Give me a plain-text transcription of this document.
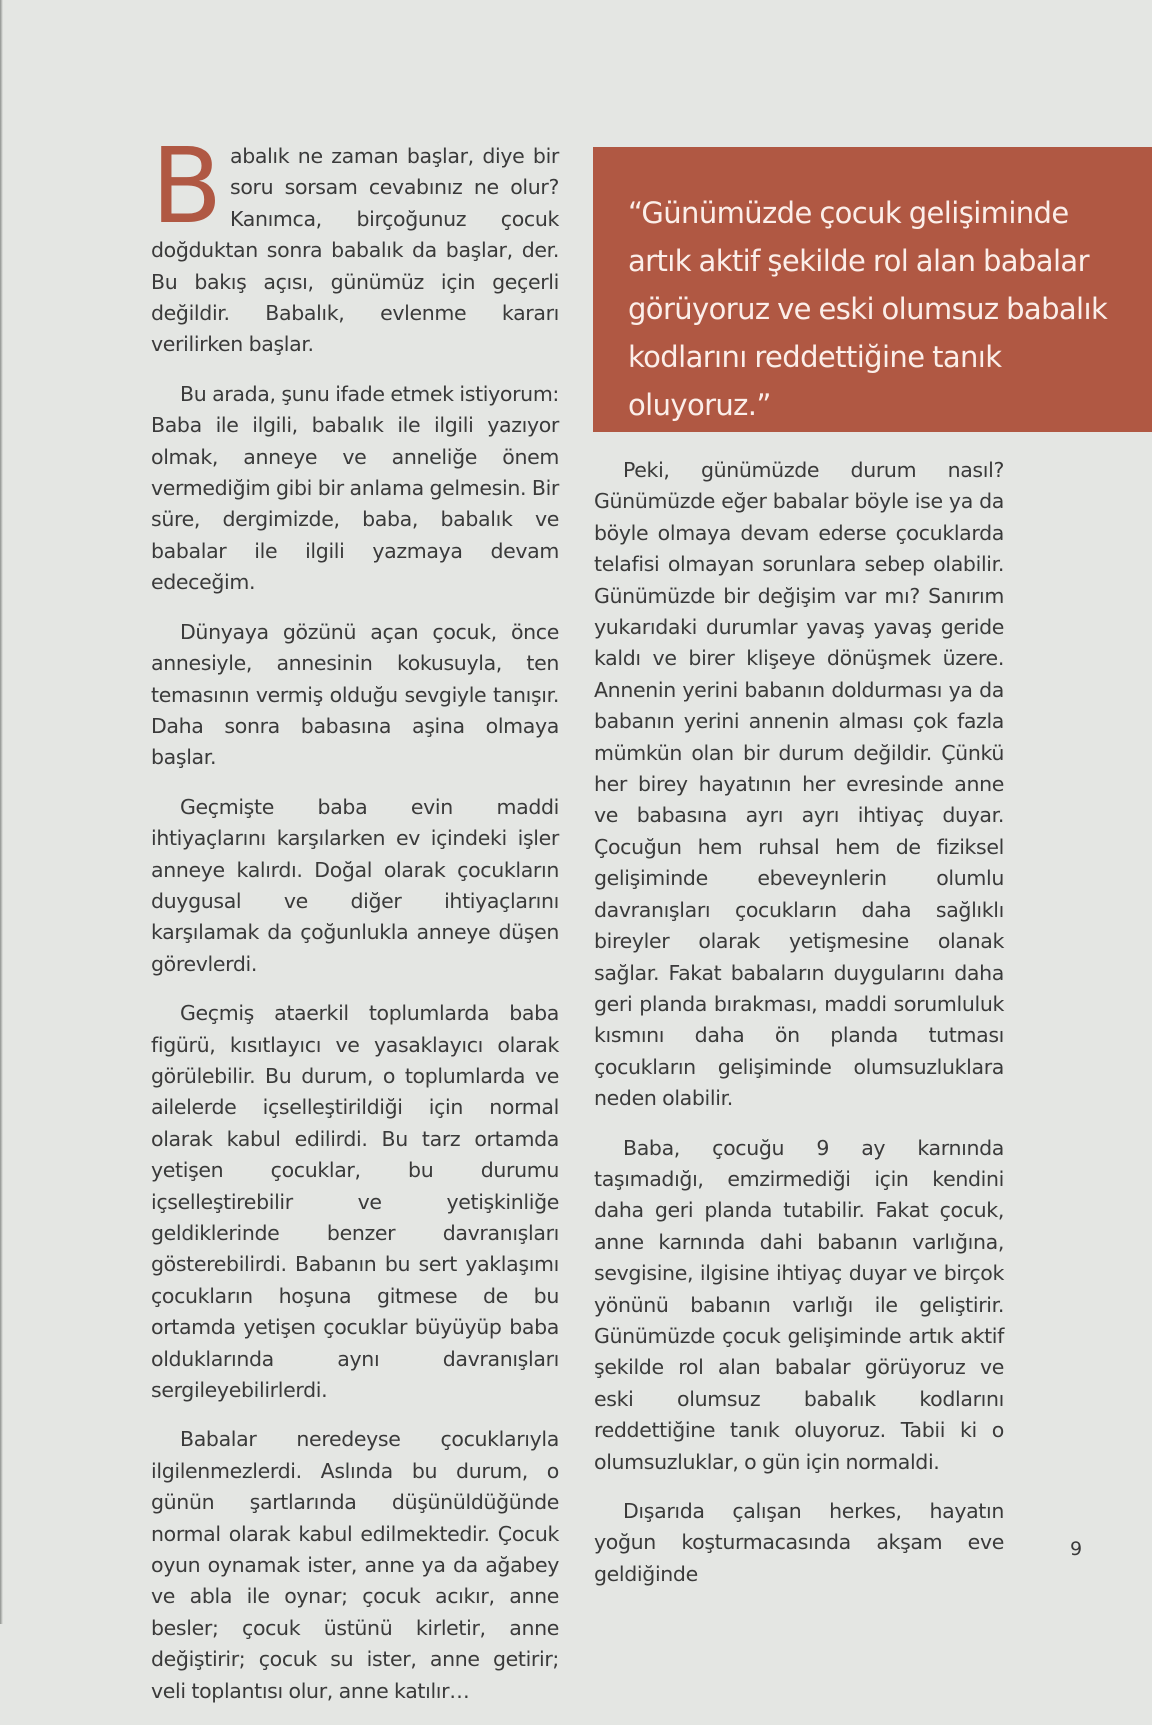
Babalık ne zaman başlar, diye bir soru sorsam cevabınız ne olur? Kanımca, birçoğunuz çocuk doğduktan sonra babalık da başlar, der. Bu bakış açısı, günümüz için geçerli değildir. Babalık, evlenme kararı verilirken başlar.

Bu arada, şunu ifade etmek istiyorum: Baba ile ilgili, babalık ile ilgili yazıyor olmak, anneye ve anneliğe önem vermediğim gibi bir anlama gelmesin. Bir süre, dergimizde, baba, babalık ve babalar ile ilgili yazmaya devam edeceğim.

Dünyaya gözünü açan çocuk, önce annesiyle, annesinin kokusuyla, ten temasının vermiş olduğu sevgiyle tanışır. Daha sonra babasına aşina olmaya başlar.

Geçmişte baba evin maddi ihtiyaçlarını karşılarken ev içindeki işler anneye kalırdı. Doğal olarak çocukların duygusal ve diğer ihtiyaçlarını karşılamak da çoğunlukla anneye düşen görevlerdi.

Geçmiş ataerkil toplumlarda baba figürü, kısıtlayıcı ve yasaklayıcı olarak görülebilir. Bu durum, o toplumlarda ve ailelerde içselleştirildiği için normal olarak kabul edilirdi. Bu tarz ortamda yetişen çocuklar, bu durumu içselleştirebilir ve yetişkinliğe geldiklerinde benzer davranışları gösterebilirdi. Babanın bu sert yaklaşımı çocukların hoşuna gitmese de bu ortamda yetişen çocuklar büyüyüp baba olduklarında aynı davranışları sergileyebilirlerdi.

Babalar neredeyse çocuklarıyla ilgilenmezlerdi. Aslında bu durum, o günün şartlarında düşünüldüğünde normal olarak kabul edilmektedir. Çocuk oyun oynamak ister, anne ya da ağabey ve abla ile oynar; çocuk acıkır, anne besler; çocuk üstünü kirletir, anne değiştirir; çocuk su ister, anne getirir; veli toplantısı olur, anne katılır…

“Günümüzde çocuk gelişiminde artık aktif şekilde rol alan babalar görüyoruz ve eski olumsuz babalık kodlarını reddettiğine tanık oluyoruz.”

Peki, günümüzde durum nasıl? Günümüzde eğer babalar böyle ise ya da böyle olmaya devam ederse çocuklarda telafisi olmayan sorunlara sebep olabilir. Günümüzde bir değişim var mı? Sanırım yukarıdaki durumlar yavaş yavaş geride kaldı ve birer klişeye dönüşmek üzere. Annenin yerini babanın doldurması ya da babanın yerini annenin alması çok fazla mümkün olan bir durum değildir. Çünkü her birey hayatının her evresinde anne ve babasına ayrı ayrı ihtiyaç duyar. Çocuğun hem ruhsal hem de fiziksel gelişiminde ebeveynlerin olumlu davranışları çocukların daha sağlıklı bireyler olarak yetişmesine olanak sağlar. Fakat babaların duygularını daha geri planda bırakması, maddi sorumluluk kısmını daha ön planda tutması çocukların gelişiminde olumsuzluklara neden olabilir.

Baba, çocuğu 9 ay karnında taşımadığı, emzirmediği için kendini daha geri planda tutabilir. Fakat çocuk, anne karnında dahi babanın varlığına, sevgisine, ilgisine ihtiyaç duyar ve birçok yönünü babanın varlığı ile geliştirir. Günümüzde çocuk gelişiminde artık aktif şekilde rol alan babalar görüyoruz ve eski olumsuz babalık kodlarını reddettiğine tanık oluyoruz. Tabii ki o olumsuzluklar, o gün için normaldi.

Dışarıda çalışan herkes, hayatın yoğun koşturmacasında akşam eve geldiğinde

9
